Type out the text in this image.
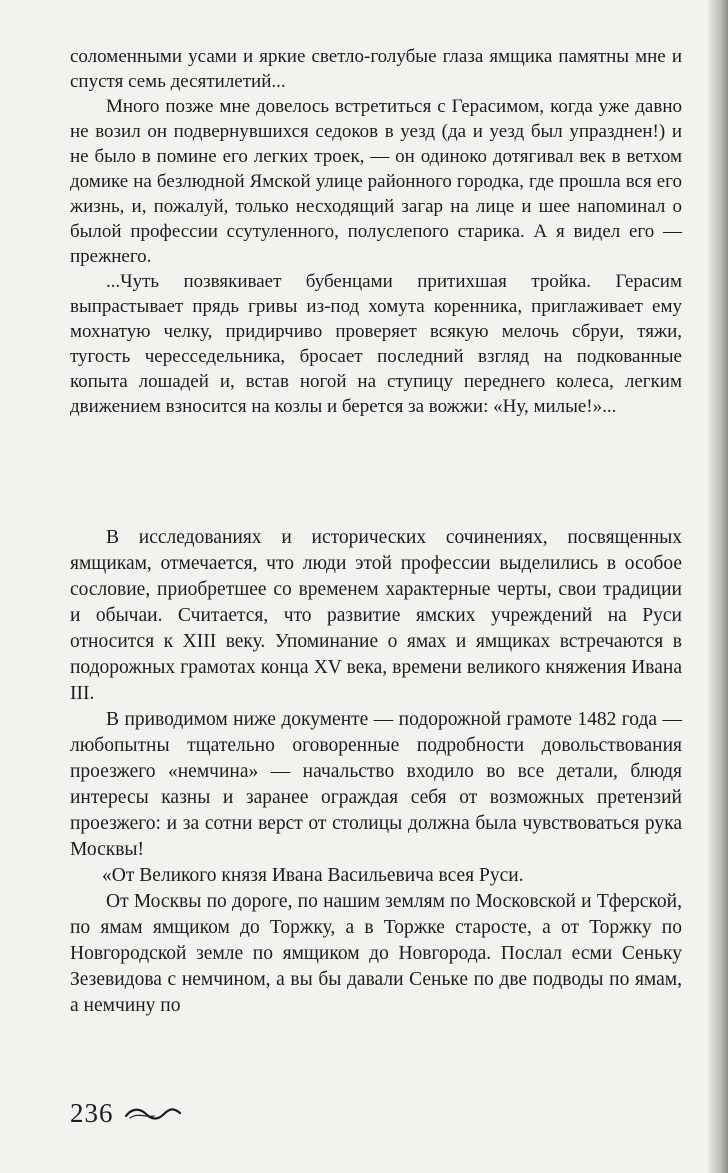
соломенными усами и яркие светло-голубые глаза ямщика памятны мне и спустя семь десятилетий...

Много позже мне довелось встретиться с Герасимом, когда уже давно не возил он подвернувшихся седоков в уезд (да и уезд был упразднен!) и не было в помине его легких троек, — он одиноко дотягивал век в ветхом домике на безлюдной Ямской улице районного городка, где прошла вся его жизнь, и, пожалуй, только несходящий загар на лице и шее напоминал о былой профессии ссутуленного, полуслепого старика. А я видел его — прежнего.

...Чуть позвякивает бубенцами притихшая тройка. Герасим выпрастывает прядь гривы из-под хомута коренника, приглаживает ему мохнатую челку, придирчиво проверяет всякую мелочь сбруи, тяжи, тугость чересседельника, бросает последний взгляд на подкованные копыта лошадей и, встав ногой на ступицу переднего колеса, легким движением взносится на козлы и берется за вожжи: «Ну, милые!»...

В исследованиях и исторических сочинениях, посвященных ямщикам, отмечается, что люди этой профессии выделились в особое сословие, приобретшее со временем характерные черты, свои традиции и обычаи. Считается, что развитие ямских учреждений на Руси относится к XIII веку. Упоминание о ямах и ямщиках встречаются в подорожных грамотах конца XV века, времени великого княжения Ивана III.

В приводимом ниже документе — подорожной грамоте 1482 года — любопытны тщательно оговоренные подробности довольствования проезжего «немчина» — начальство входило во все детали, блюдя интересы казны и заранее ограждая себя от возможных претензий проезжего: и за сотни верст от столицы должна была чувствоваться рука Москвы!

«От Великого князя Ивана Васильевича всея Руси.

От Москвы по дороге, по нашим землям по Московской и Тферской, по ямам ямщиком до Торжку, а в Торжке старосте, а от Торжку по Новгородской земле по ямщиком до Новгорода. Послал есми Сеньку Зезевидова с немчином, а вы бы давали Сеньке по две подводы по ямам, а немчину по

236
